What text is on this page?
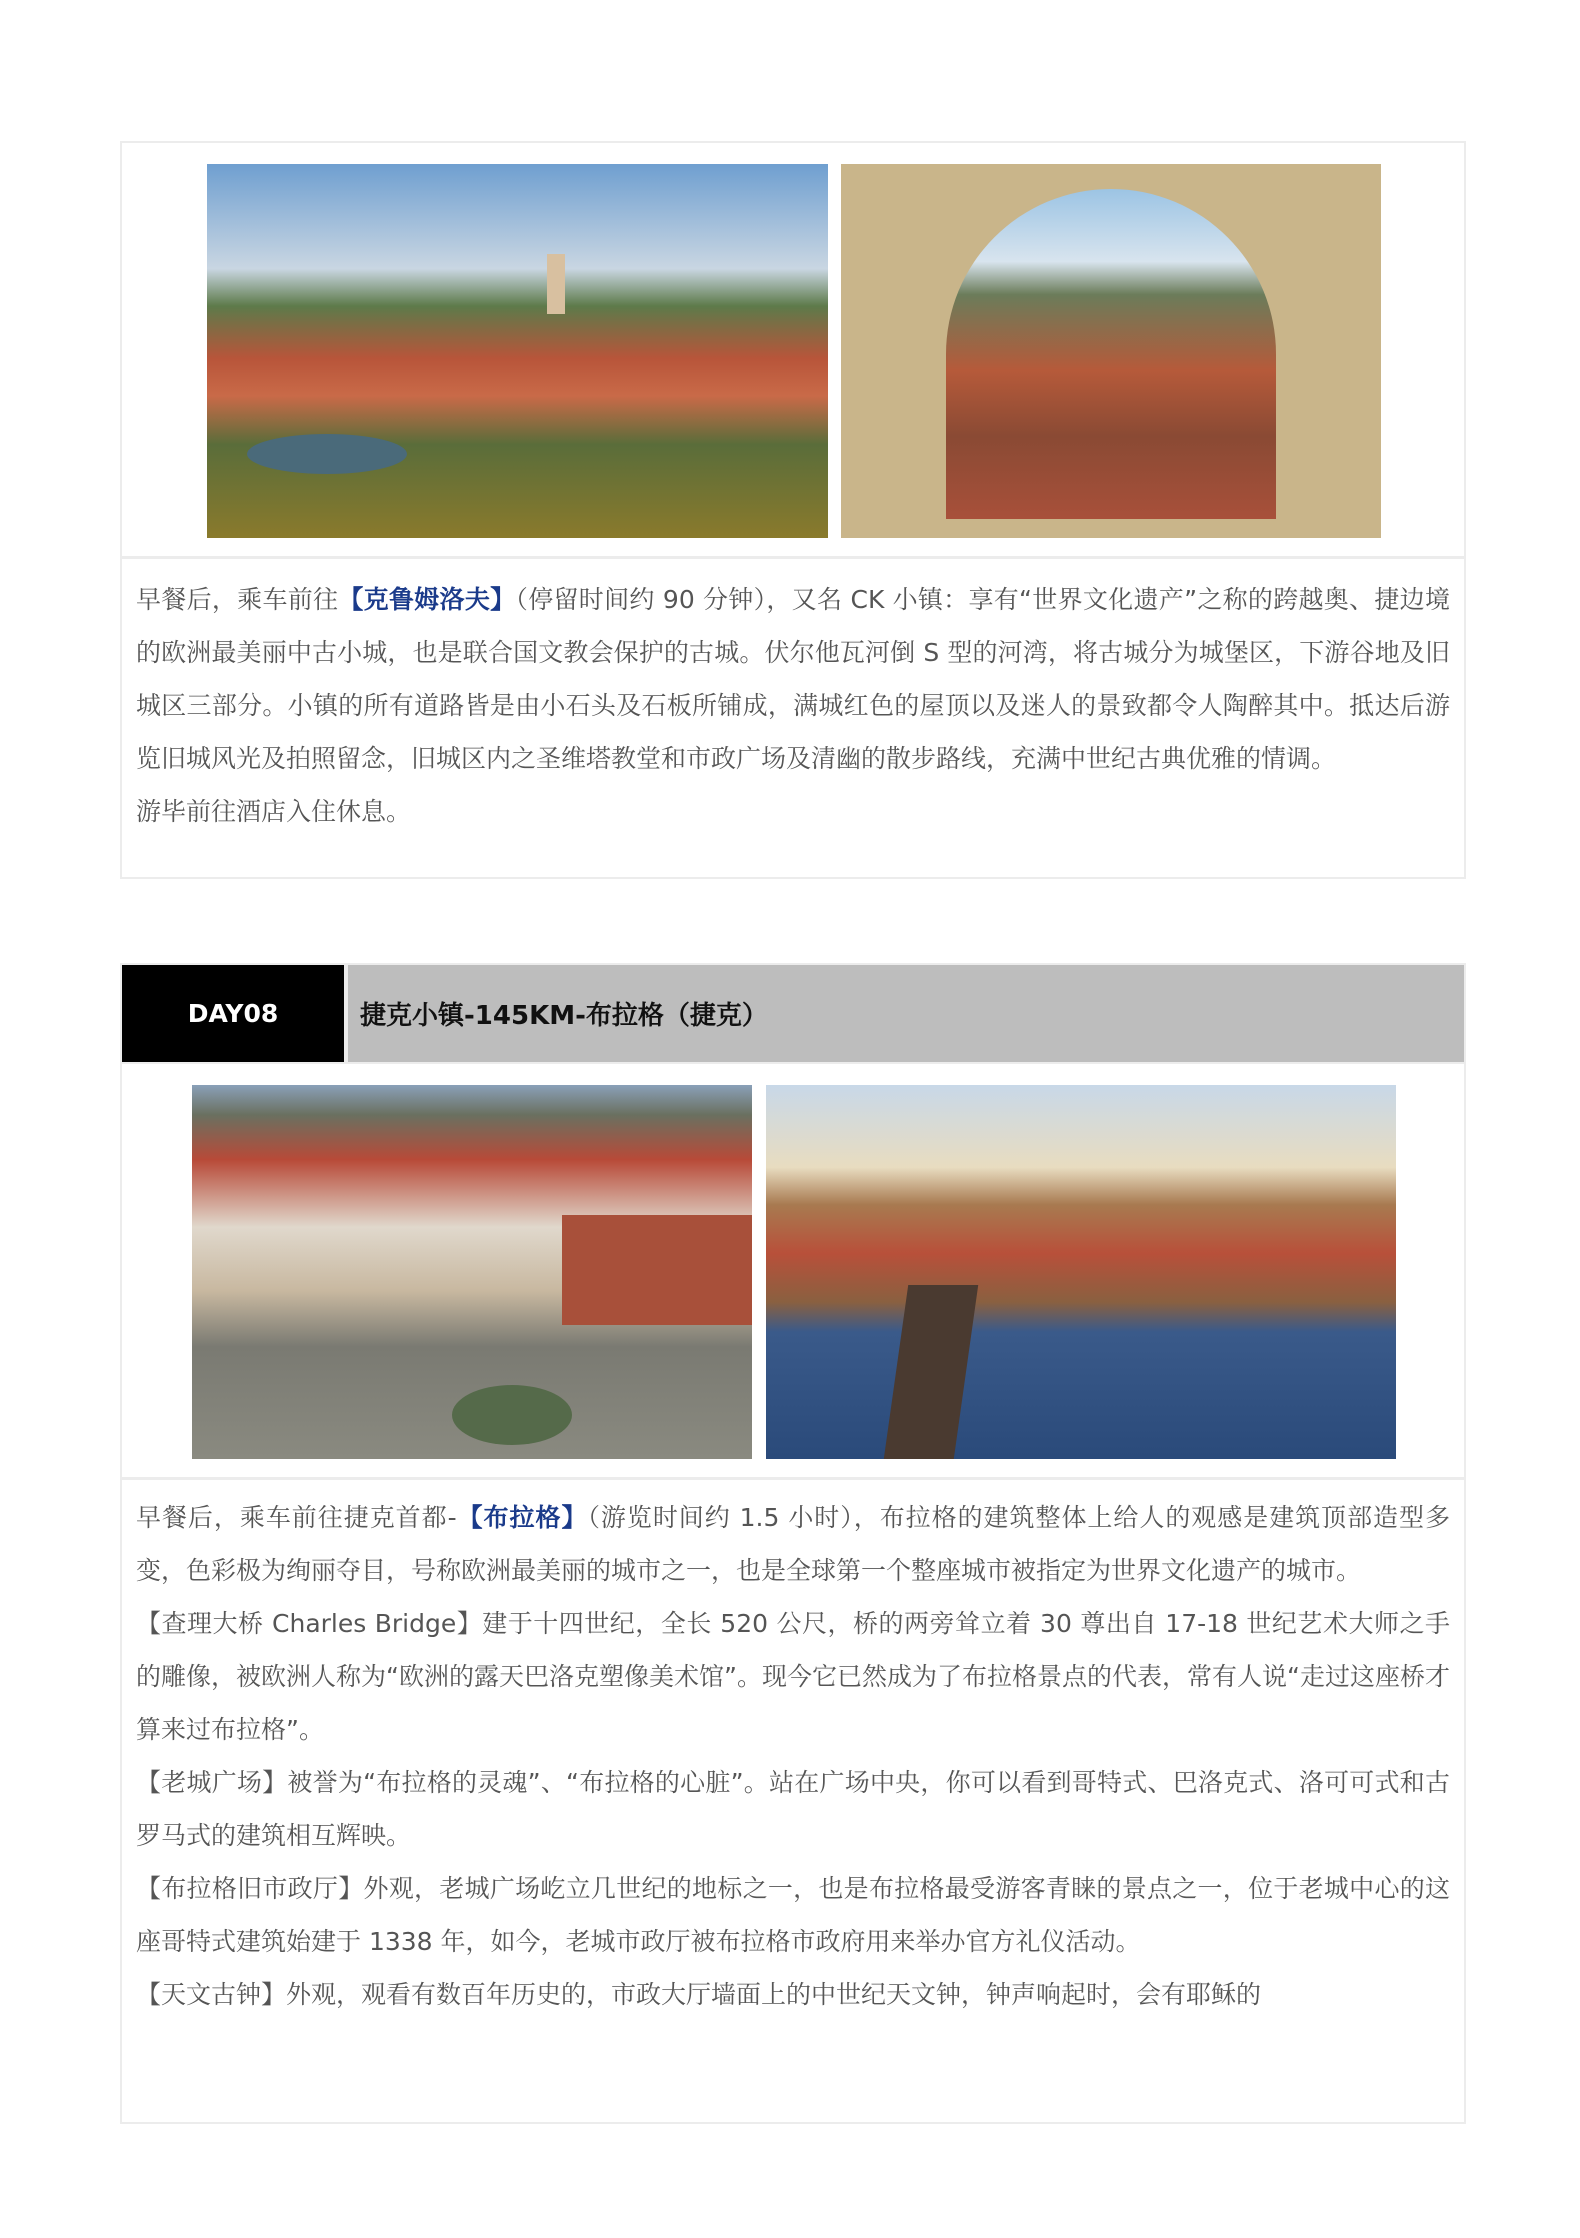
早餐后，乘车前往【克鲁姆洛夫】（停留时间约 90 分钟），又名 CK 小镇：享有“世界文化遗产”之称的跨越奥、捷边境的欧洲最美丽中古小城，也是联合国文教会保护的古城。伏尔他瓦河倒 S 型的河湾，将古城分为城堡区，下游谷地及旧城区三部分。小镇的所有道路皆是由小石头及石板所铺成，满城红色的屋顶以及迷人的景致都令人陶醉其中。抵达后游览旧城风光及拍照留念，旧城区内之圣维塔教堂和市政广场及清幽的散步路线，充满中世纪古典优雅的情调。

游毕前往酒店入住休息。

DAY08	捷克小镇-145KM-布拉格（捷克）

早餐后，乘车前往捷克首都-【布拉格】（游览时间约 1.5 小时），布拉格的建筑整体上给人的观感是建筑顶部造型多变，色彩极为绚丽夺目，号称欧洲最美丽的城市之一，也是全球第一个整座城市被指定为世界文化遗产的城市。

【查理大桥 Charles Bridge】建于十四世纪，全长 520 公尺，桥的两旁耸立着 30 尊出自 17-18 世纪艺术大师之手的雕像，被欧洲人称为“欧洲的露天巴洛克塑像美术馆”。现今它已然成为了布拉格景点的代表，常有人说“走过这座桥才算来过布拉格”。

【老城广场】被誉为“布拉格的灵魂”、“布拉格的心脏”。站在广场中央，你可以看到哥特式、巴洛克式、洛可可式和古罗马式的建筑相互辉映。

【布拉格旧市政厅】外观，老城广场屹立几世纪的地标之一，也是布拉格最受游客青睐的景点之一，位于老城中心的这座哥特式建筑始建于 1338 年，如今，老城市政厅被布拉格市政府用来举办官方礼仪活动。

【天文古钟】外观，观看有数百年历史的，市政大厅墙面上的中世纪天文钟，钟声响起时，会有耶稣的
